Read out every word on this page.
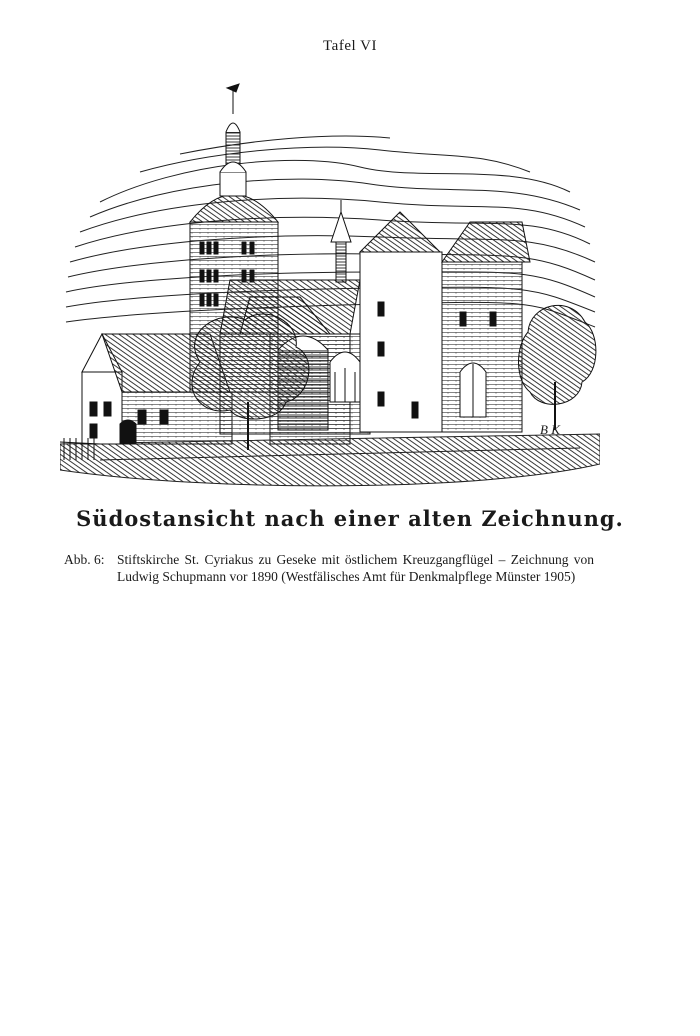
Tafel VI
B K
Südostansicht nach einer alten Zeichnung.
Abb. 6: Stiftskirche St. Cyriakus zu Geseke mit östlichem Kreuzgangflügel – Zeichnung von Ludwig Schupmann vor 1890 (Westfälisches Amt für Denkmalpflege Münster 1905)
